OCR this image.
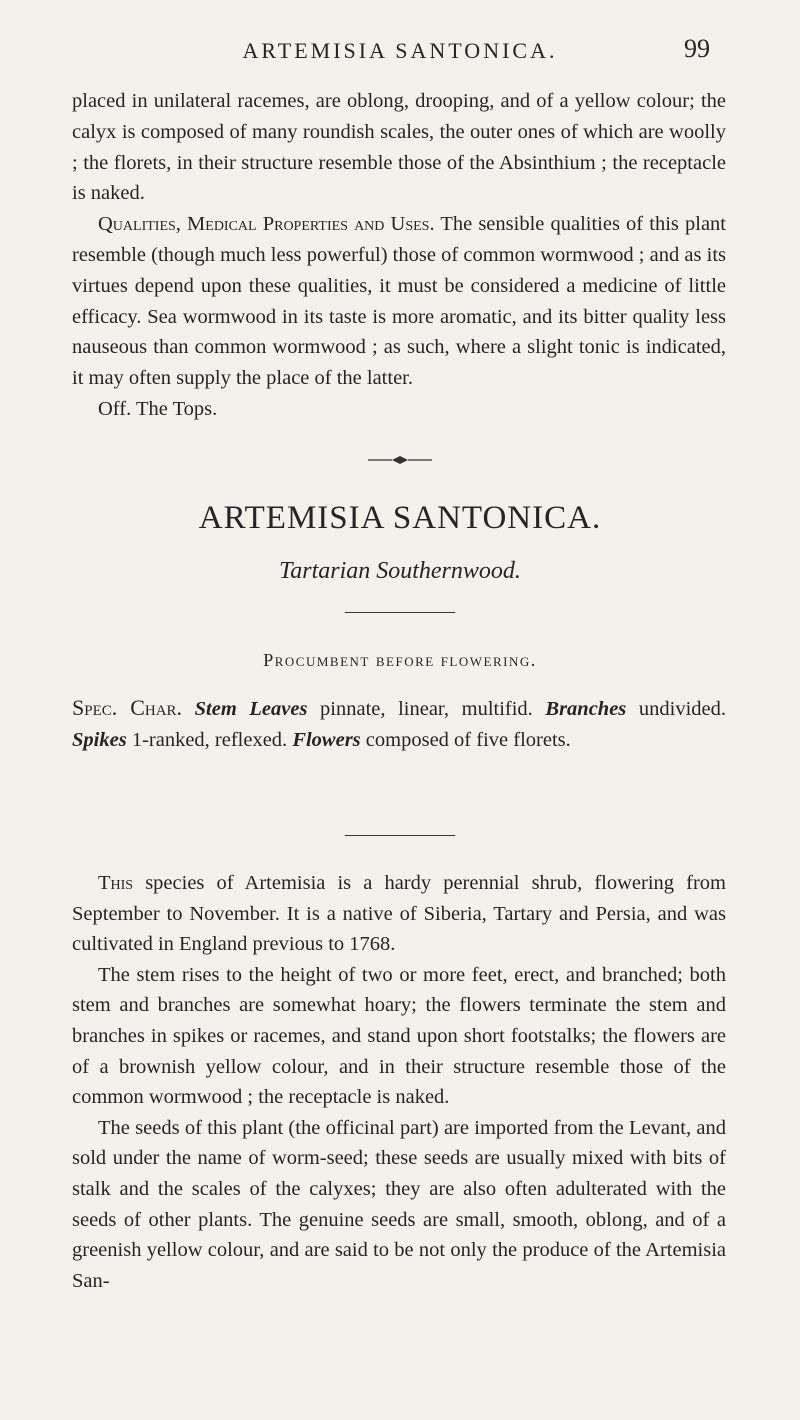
ARTEMISIA SANTONICA.	99
placed in unilateral racemes, are oblong, drooping, and of a yellow colour; the calyx is composed of many roundish scales, the outer ones of which are woolly ; the florets, in their structure resemble those of the Absinthium ; the receptacle is naked.
Qualities, Medical Properties and Uses. The sensible qualities of this plant resemble (though much less powerful) those of common wormwood ; and as its virtues depend upon these qualities, it must be considered a medicine of little efficacy. Sea wormwood in its taste is more aromatic, and its bitter quality less nauseous than common wormwood ; as such, where a slight tonic is indicated, it may often supply the place of the latter.
Off. The Tops.
ARTEMISIA SANTONICA.
Tartarian Southernwood.
Procumbent before flowering.
Spec. Char. Stem Leaves pinnate, linear, multifid. Branches undivided. Spikes 1-ranked, reflexed. Flowers composed of five florets.

This species of Artemisia is a hardy perennial shrub, flowering from September to November. It is a native of Siberia, Tartary and Persia, and was cultivated in England previous to 1768.

The stem rises to the height of two or more feet, erect, and branched; both stem and branches are somewhat hoary; the flowers terminate the stem and branches in spikes or racemes, and stand upon short footstalks; the flowers are of a brownish yellow colour, and in their structure resemble those of the common wormwood ; the receptacle is naked.

The seeds of this plant (the officinal part) are imported from the Levant, and sold under the name of worm-seed; these seeds are usually mixed with bits of stalk and the scales of the calyxes; they are also often adulterated with the seeds of other plants. The genuine seeds are small, smooth, oblong, and of a greenish yellow colour, and are said to be not only the produce of the Artemisia San-
